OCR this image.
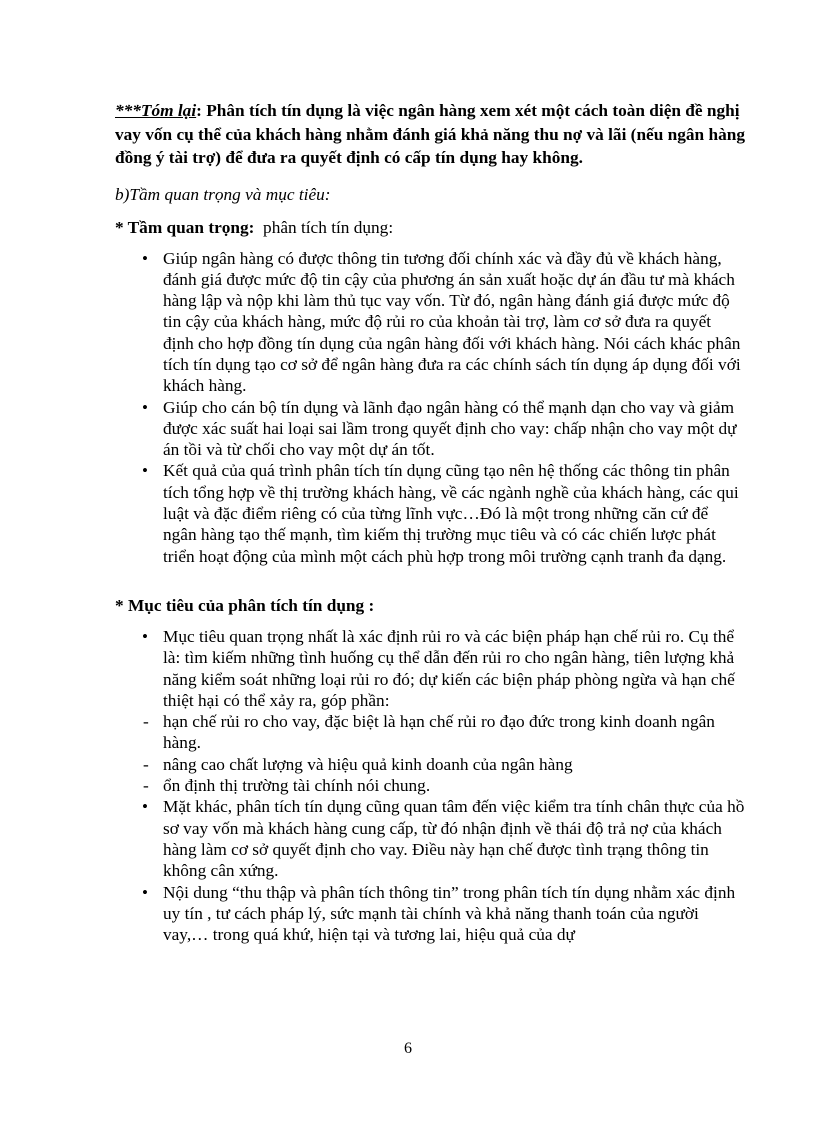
***Tóm lại: Phân tích tín dụng là việc ngân hàng xem xét một cách toàn diện đề nghị vay vốn cụ thể của khách hàng nhằm đánh giá khả năng thu nợ và lãi (nếu ngân hàng đồng ý tài trợ) để đưa ra quyết định có cấp tín dụng hay không.

b)Tầm quan trọng và mục tiêu:

* Tầm quan trọng:  phân tích tín dụng:

• Giúp ngân hàng có được thông tin tương đối chính xác và đầy đủ về khách hàng, đánh giá được mức độ tin cậy của phương án sản xuất hoặc dự án đầu tư mà khách hàng lập và nộp khi làm thủ tục vay vốn. Từ đó, ngân hàng đánh giá được mức độ tin cậy của khách hàng, mức độ rủi ro của khoản tài trợ, làm cơ sở đưa ra quyết định cho hợp đồng tín dụng của ngân hàng đối với khách hàng. Nói cách khác phân tích tín dụng tạo cơ sở để ngân hàng đưa ra các chính sách tín dụng áp dụng đối với khách hàng.
• Giúp cho cán bộ tín dụng và lãnh đạo ngân hàng có thể mạnh dạn cho vay và giảm được xác suất hai loại sai lầm trong quyết định cho vay: chấp nhận cho vay một dự án tồi và từ chối cho vay một dự án tốt.
• Kết quả của quá trình phân tích tín dụng cũng tạo nên hệ thống các thông tin phân tích tổng hợp về thị trường khách hàng, về các ngành nghề của khách hàng, các qui luật và đặc điểm riêng có của từng lĩnh vực…Đó là một trong những căn cứ để ngân hàng tạo thế mạnh, tìm kiếm thị trường mục tiêu và có các chiến lược phát triển hoạt động của mình một cách phù hợp trong môi trường cạnh tranh đa dạng.

* Mục tiêu của phân tích tín dụng :

• Mục tiêu quan trọng nhất là xác định rủi ro và các biện pháp hạn chế rủi ro. Cụ thể là: tìm kiếm những tình huống cụ thể dẫn đến rủi ro cho ngân hàng, tiên lượng khả năng kiểm soát những loại rủi ro đó; dự kiến các biện pháp phòng ngừa và hạn chế thiệt hại có thể xảy ra, góp phần:
- hạn chế rủi ro cho vay, đặc biệt là hạn chế rủi ro đạo đức trong kinh doanh ngân hàng.
- nâng cao chất lượng và hiệu quả kinh doanh của ngân hàng
- ổn định thị trường tài chính nói chung.
• Mặt khác, phân tích tín dụng cũng quan tâm đến việc kiểm tra tính chân thực của hồ sơ vay vốn mà khách hàng cung cấp, từ đó nhận định về thái độ trả nợ của khách hàng làm cơ sở quyết định cho vay. Điều này hạn chế được tình trạng thông tin không cân xứng.
• Nội dung “thu thập và phân tích thông tin” trong phân tích tín dụng nhằm xác định uy tín , tư cách pháp lý, sức mạnh tài chính và khả năng thanh toán của người vay,… trong quá khứ, hiện tại và tương lai, hiệu quả của dự
6
